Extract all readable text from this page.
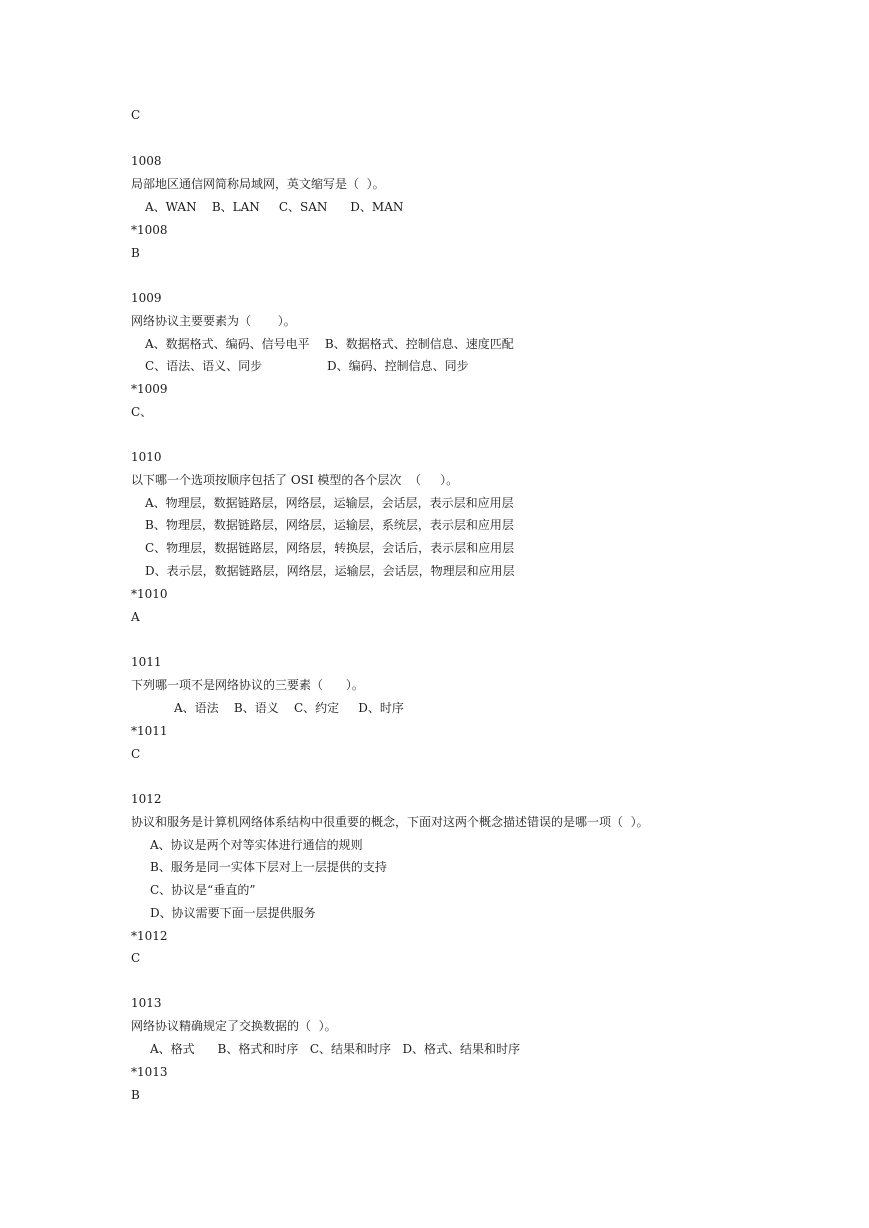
C
1008
局部地区通信网简称局域网，英文缩写是（  ）。
A、WAN    B、LAN     C、SAN      D、MAN
*1008
B
1009
网络协议主要要素为（       ）。
A、数据格式、编码、信号电平    B、数据格式、控制信息、速度匹配
C、语法、语义、同步                 D、编码、控制信息、同步
*1009
C、
1010
以下哪一个选项按顺序包括了 OSI 模型的各个层次  （     ）。
A、物理层，数据链路层，网络层，运输层，会话层，表示层和应用层
B、物理层，数据链路层，网络层，运输层，系统层，表示层和应用层
C、物理层，数据链路层，网络层，转换层，会话后，表示层和应用层
D、表示层，数据链路层，网络层，运输层，会话层，物理层和应用层
*1010
A
1011
下列哪一项不是网络协议的三要素（      ）。
A、语法    B、语义    C、约定     D、时序
*1011
C
1012
协议和服务是计算机网络体系结构中很重要的概念，下面对这两个概念描述错误的是哪一项（  ）。
A、协议是两个对等实体进行通信的规则
B、服务是同一实体下层对上一层提供的支持
C、协议是“垂直的”
D、协议需要下面一层提供服务
*1012
C
1013
网络协议精确规定了交换数据的（  ）。
A、格式      B、格式和时序   C、结果和时序   D、格式、结果和时序
*1013
B
